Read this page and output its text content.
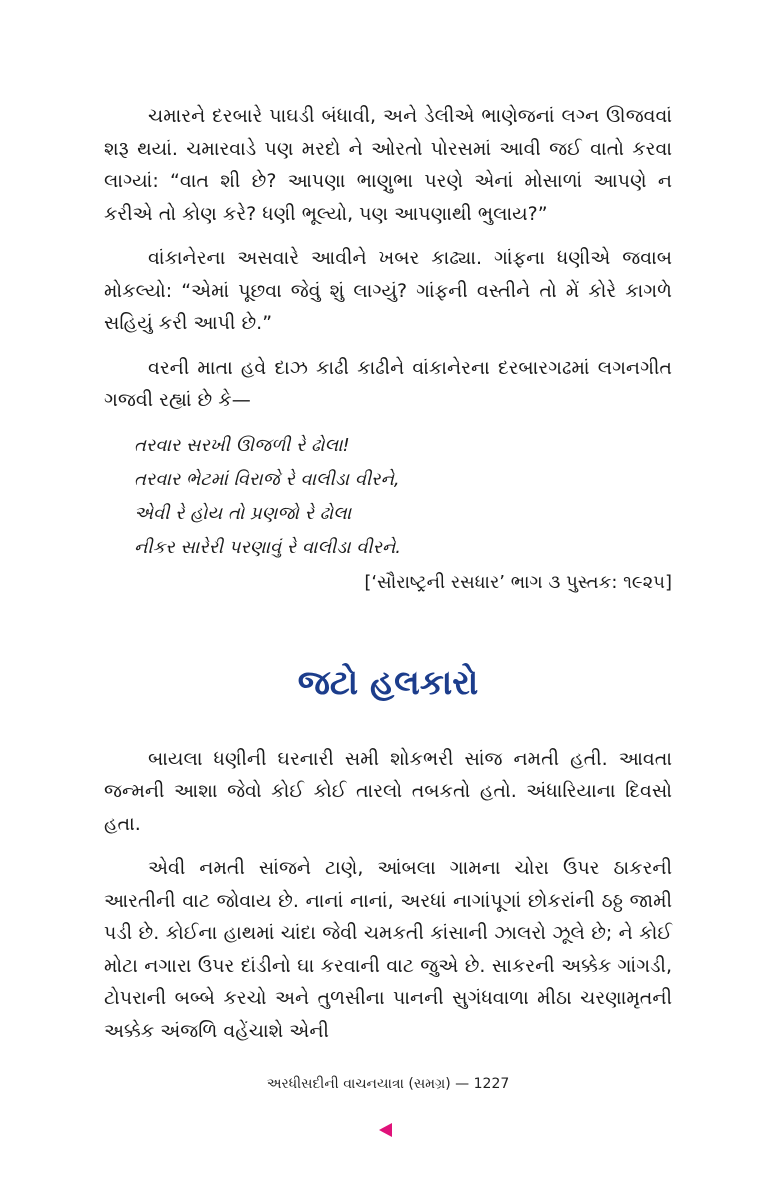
ચમારને દરબારે પાઘડી બંધાવી, અને ડેલીએ ભાણેજનાં લગ્ન ઊજવવાં શરૂ થયાં. ચમારવાડે પણ મરદો ને ઓરતો પોરસમાં આવી જઈ વાતો કરવા લાગ્યાં: “વાત શી છે? આપણા ભાણુભા પરણે એનાં મોસાળાં આપણે ન કરીએ તો કોણ કરે? ધણી ભૂલ્યો, પણ આપણાથી ભુલાય?”

વાંકાનેરના અસવારે આવીને ખબર કાઢ્યા. ગાંફના ધણીએ જવાબ મોકલ્યો: “એમાં પૂછવા જેવું શું લાગ્યું? ગાંફની વસ્તીને તો મેં કોરે કાગળે સહિયું કરી આપી છે.”

વરની માતા હવે દાઝ કાઢી કાઢીને વાંકાનેરના દરબારગઢમાં લગનગીત ગજવી રહ્યાં છે કે—

તરવાર સરખી ઊજળી રે ઢોલા!
તરવાર ભેટમાં વિરાજે રે વાલીડા વીરને,
એવી રે હોય તો પ્રણજો રે ઢોલા
નીકર સારેરી પરણાવું રે વાલીડા વીરને.

[‘સૌરાષ્ટ્રની રસધાર’ ભાગ ૩ પુસ્તક: ૧૯૨૫]

જટો હલકારો

બાયલા ધણીની ઘરનારી સમી શોકભરી સાંજ નમતી હતી. આવતા જન્મની આશા જેવો કોઈ કોઈ તારલો તબકતો હતો. અંધારિયાના દિવસો હતા.

એવી નમતી સાંજને ટાણે, આંબલા ગામના ચોરા ઉપર ઠાકરની આરતીની વાટ જોવાય છે. નાનાં નાનાં, અરધાં નાગાંપૂગાં છોકરાંની ઠઠ્ઠ જામી પડી છે. કોઈના હાથમાં ચાંદા જેવી ચમકતી કાંસાની ઝાલરો ઝૂલે છે; ને કોઈ મોટા નગારા ઉપર દાંડીનો ઘા કરવાની વાટ જુએ છે. સાકરની અક્કેક ગાંગડી, ટોપરાની બબ્બે કરચો અને તુળસીના પાનની સુગંધવાળા મીઠા ચરણામૃતની અક્કેક અંજળિ વહેંચાશે એની

અરધીસદીની વાચનયાત્રા (સમગ્ર) — 1227
